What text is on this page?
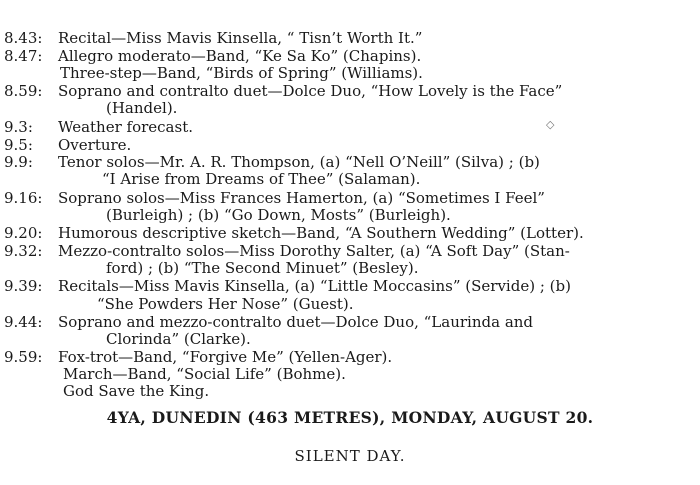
8.43:	Recital—Miss Mavis Kinsella, “ Tisn’t Worth It.”
8.47:	Allegro moderato—Band, “Ke Sa Ko” (Chapins).
Three-step—Band, “Birds of Spring” (Williams).
8.59:	Soprano and contralto duet—Dolce Duo, “How Lovely is the Face”
(Handel).
9.3:	Weather forecast.
9.5:	Overture.
9.9:	Tenor solos—Mr. A. R. Thompson, (a) “Nell O’Neill” (Silva) ; (b)
“I Arise from Dreams of Thee” (Salaman).
9.16:	Soprano solos—Miss Frances Hamerton, (a) “Sometimes I Feel”
(Burleigh) ; (b) “Go Down, Mosts” (Burleigh).
9.20:	Humorous descriptive sketch—Band, “A Southern Wedding” (Lotter).
9.32:	Mezzo-contralto solos—Miss Dorothy Salter, (a) “A Soft Day” (Stan-
ford) ; (b) “The Second Minuet” (Besley).
9.39:	Recitals—Miss Mavis Kinsella, (a) “Little Moccasins” (Servide) ; (b)
“She Powders Her Nose” (Guest).
9.44:	Soprano and mezzo-contralto duet—Dolce Duo, “Laurinda and
Clorinda” (Clarke).
9.59:	Fox-trot—Band, “Forgive Me” (Yellen-Ager).
March—Band, “Social Life” (Bohme).
God Save the King.
4YA, DUNEDIN (463 METRES), MONDAY, AUGUST 20.
SILENT DAY.
◇
